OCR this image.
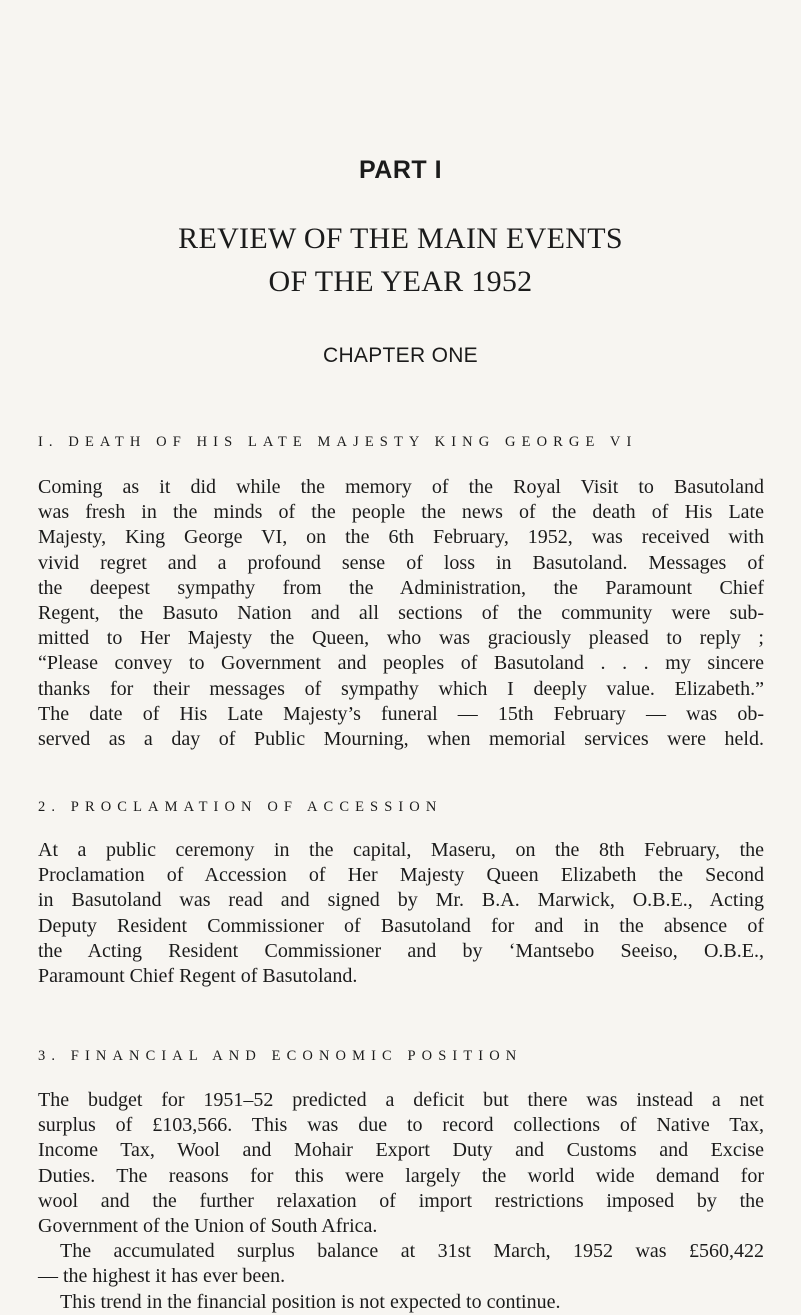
PART I
REVIEW OF THE MAIN EVENTS
OF THE YEAR 1952
CHAPTER ONE
I. DEATH OF HIS LATE MAJESTY KING GEORGE VI
Coming as it did while the memory of the Royal Visit to Basutoland
was fresh in the minds of the people the news of the death of His Late
Majesty, King George VI, on the 6th February, 1952, was received with
vivid regret and a profound sense of loss in Basutoland. Messages of
the deepest sympathy from the Administration, the Paramount Chief
Regent, the Basuto Nation and all sections of the community were sub-
mitted to Her Majesty the Queen, who was graciously pleased to reply ;
“Please convey to Government and peoples of Basutoland . . . my sincere
thanks for their messages of sympathy which I deeply value. Elizabeth.”
The date of His Late Majesty’s funeral — 15th February — was ob-
served as a day of Public Mourning, when memorial services were held.
2. PROCLAMATION OF ACCESSION
At a public ceremony in the capital, Maseru, on the 8th February, the
Proclamation of Accession of Her Majesty Queen Elizabeth the Second
in Basutoland was read and signed by Mr. B.A. Marwick, O.B.E., Acting
Deputy Resident Commissioner of Basutoland for and in the absence of
the Acting Resident Commissioner and by ‘Mantsebo Seeiso, O.B.E.,
Paramount Chief Regent of Basutoland.
3. FINANCIAL AND ECONOMIC POSITION
The budget for 1951–52 predicted a deficit but there was instead a net
surplus of £103,566. This was due to record collections of Native Tax,
Income Tax, Wool and Mohair Export Duty and Customs and Excise
Duties. The reasons for this were largely the world wide demand for
wool and the further relaxation of import restrictions imposed by the
Government of the Union of South Africa.
The accumulated surplus balance at 31st March, 1952 was £560,422
— the highest it has ever been.
This trend in the financial position is not expected to continue.
